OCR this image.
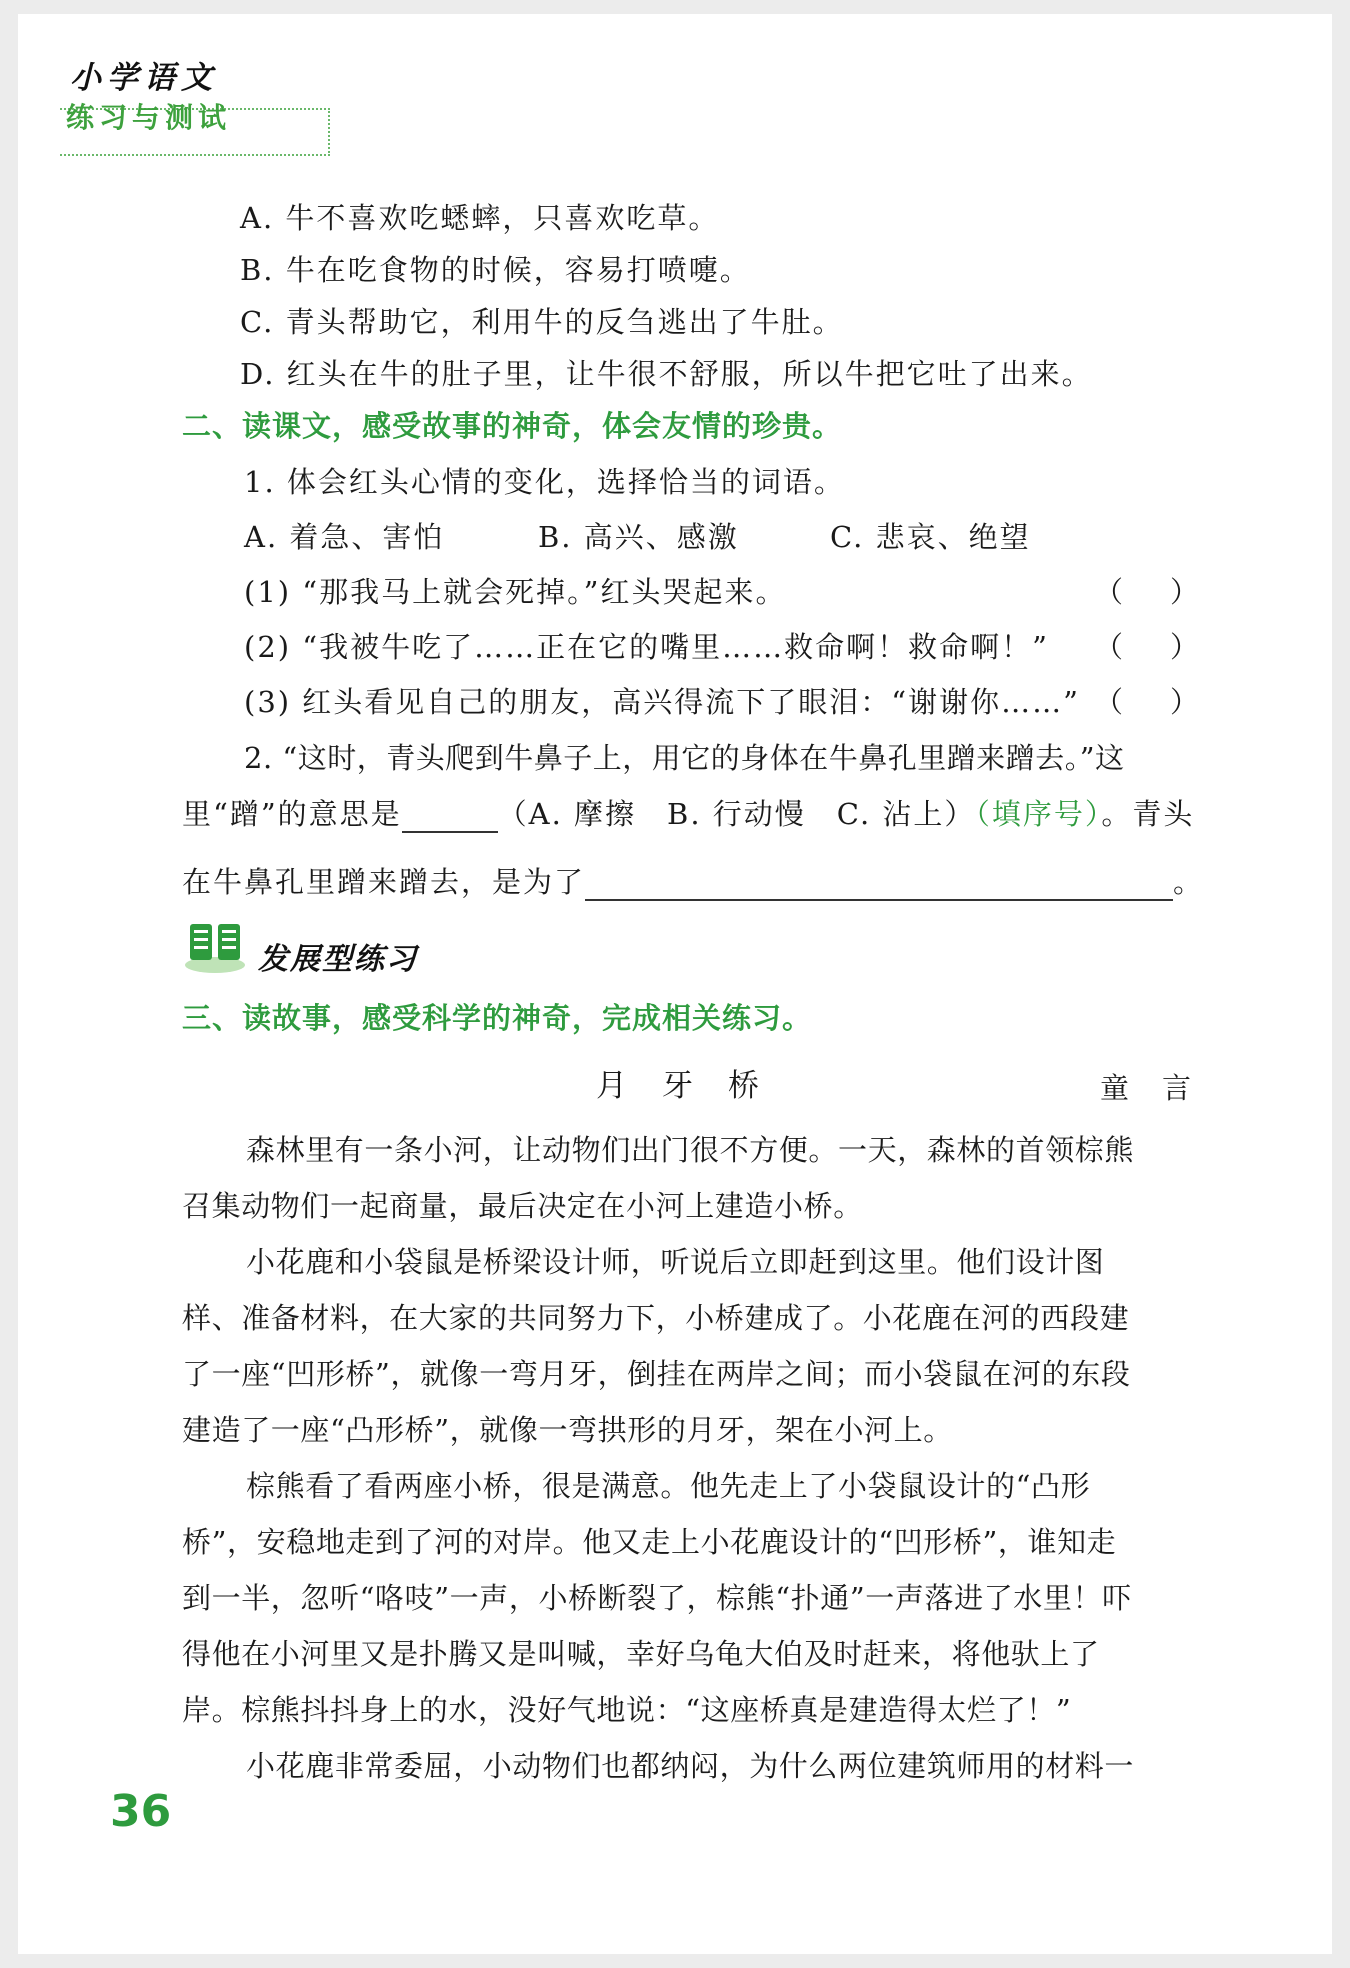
小学语文
练习与测试
A. 牛不喜欢吃蟋蟀，只喜欢吃草。
B. 牛在吃食物的时候，容易打喷嚏。
C. 青头帮助它，利用牛的反刍逃出了牛肚。
D. 红头在牛的肚子里，让牛很不舒服，所以牛把它吐了出来。
二、读课文，感受故事的神奇，体会友情的珍贵。
1. 体会红头心情的变化，选择恰当的词语。
A. 着急、害怕	B. 高兴、感激	C. 悲哀、绝望
(1) “那我马上就会死掉。”红头哭起来。	（ ）
(2) “我被牛吃了……正在它的嘴里……救命啊！救命啊！” （ ）
(3) 红头看见自己的朋友，高兴得流下了眼泪：“谢谢你……” （ ）
2. “这时，青头爬到牛鼻子上，用它的身体在牛鼻孔里蹭来蹭去。”这
里“蹭”的意思是	（A. 摩擦　B. 行动慢　C. 沾上）（填序号）。青头
在牛鼻孔里蹭来蹭去，是为了	。
发展型练习
三、读故事，感受科学的神奇，完成相关练习。
月　牙　桥	童　言
森林里有一条小河，让动物们出门很不方便。一天，森林的首领棕熊
召集动物们一起商量，最后决定在小河上建造小桥。
小花鹿和小袋鼠是桥梁设计师，听说后立即赶到这里。他们设计图
样、准备材料，在大家的共同努力下，小桥建成了。小花鹿在河的西段建
了一座“凹形桥”，就像一弯月牙，倒挂在两岸之间；而小袋鼠在河的东段
建造了一座“凸形桥”，就像一弯拱形的月牙，架在小河上。
棕熊看了看两座小桥，很是满意。他先走上了小袋鼠设计的“凸形
桥”，安稳地走到了河的对岸。他又走上小花鹿设计的“凹形桥”，谁知走
到一半，忽听“咯吱”一声，小桥断裂了，棕熊“扑通”一声落进了水里！吓
得他在小河里又是扑腾又是叫喊，幸好乌龟大伯及时赶来，将他驮上了
岸。棕熊抖抖身上的水，没好气地说：“这座桥真是建造得太烂了！”
小花鹿非常委屈，小动物们也都纳闷，为什么两位建筑师用的材料一
36
